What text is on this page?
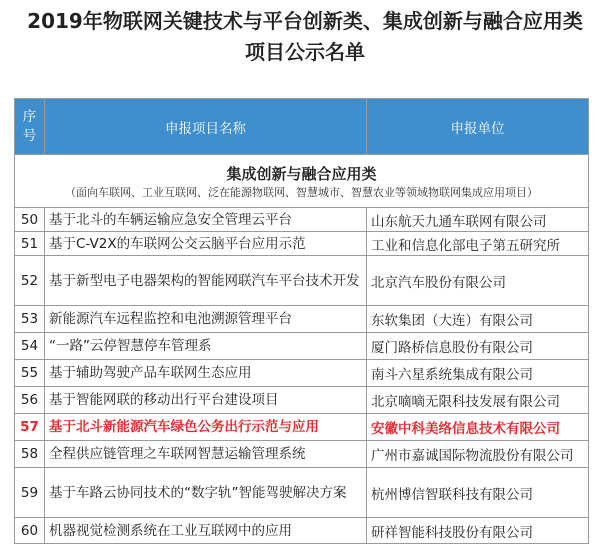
2019年物联网关键技术与平台创新类、集成创新与融合应用类
项目公示名单
序
号	申报项目名称	申报单位

集成创新与融合应用类
（面向车联网、工业互联网、泛在能源物联网、智慧城市、智慧农业等领域物联网集成应用项目）		

50	基于北斗的车辆运输应急安全管理云平台	山东航天九通车联网有限公司
51	基于C-V2X的车联网公交云脑平台应用示范	工业和信息化部电子第五研究所
52	基于新型电子电器架构的智能网联汽车平台技术开发	北京汽车股份有限公司
53	新能源汽车远程监控和电池溯源管理平台	东软集团（大连）有限公司
54	“一路”云停智慧停车管理系	厦门路桥信息股份有限公司
55	基于辅助驾驶产品车联网生态应用	南斗六星系统集成有限公司
56	基于智能网联的移动出行平台建设项目	北京嘀嘀无限科技发展有限公司
57	基于北斗新能源汽车绿色公务出行示范与应用	安徽中科美络信息技术有限公司
58	全程供应链管理之车联网智慧运输管理系统	广州市嘉诚国际物流股份有限公司
59	基于车路云协同技术的“数字轨”智能驾驶解决方案	杭州博信智联科技有限公司
60	机器视觉检测系统在工业互联网中的应用	研祥智能科技股份有限公司
